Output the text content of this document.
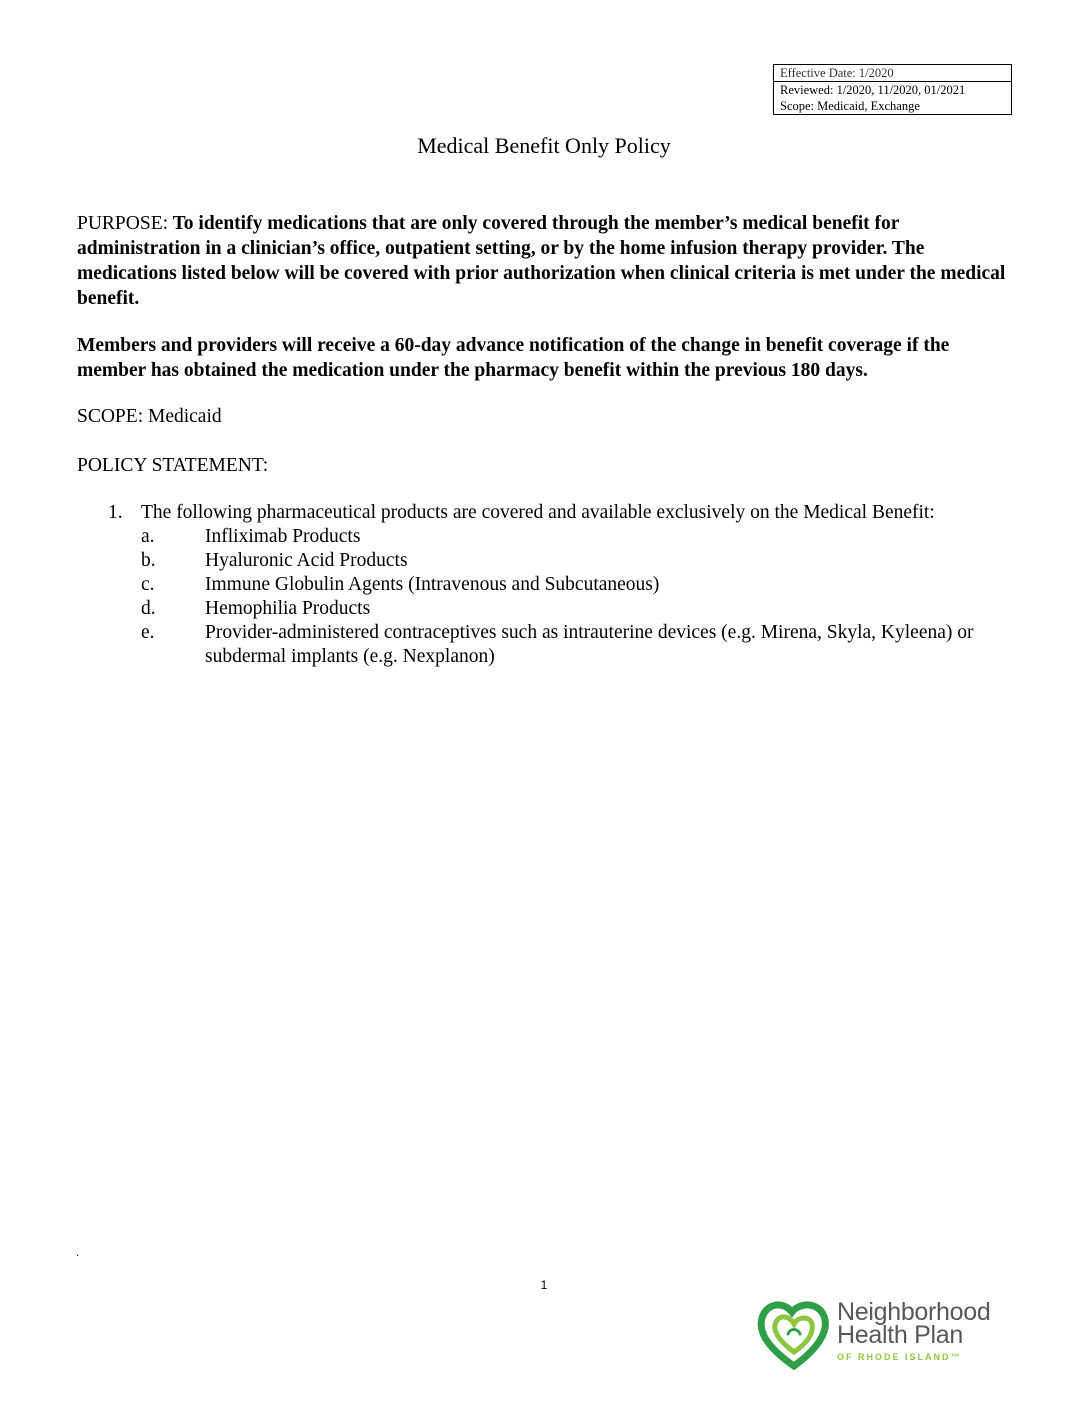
Effective Date: 1/2020
Reviewed: 1/2020, 11/2020, 01/2021
Scope: Medicaid, Exchange
Medical Benefit Only Policy

PURPOSE: To identify medications that are only covered through the member’s medical benefit for administration in a clinician’s office, outpatient setting, or by the home infusion therapy provider. The medications listed below will be covered with prior authorization when clinical criteria is met under the medical benefit.

Members and providers will receive a 60-day advance notification of the change in benefit coverage if the member has obtained the medication under the pharmacy benefit within the previous 180 days.

SCOPE: Medicaid

POLICY STATEMENT:

1. The following pharmaceutical products are covered and available exclusively on the Medical Benefit:
a.	Infliximab Products
b.	Hyaluronic Acid Products
c.	Immune Globulin Agents (Intravenous and Subcutaneous)
d.	Hemophilia Products
e.	Provider-administered contraceptives such as intrauterine devices (e.g. Mirena, Skyla, Kyleena) or subdermal implants (e.g. Nexplanon)
.
1
Neighborhood
Health Plan
OF RHODE ISLAND™
